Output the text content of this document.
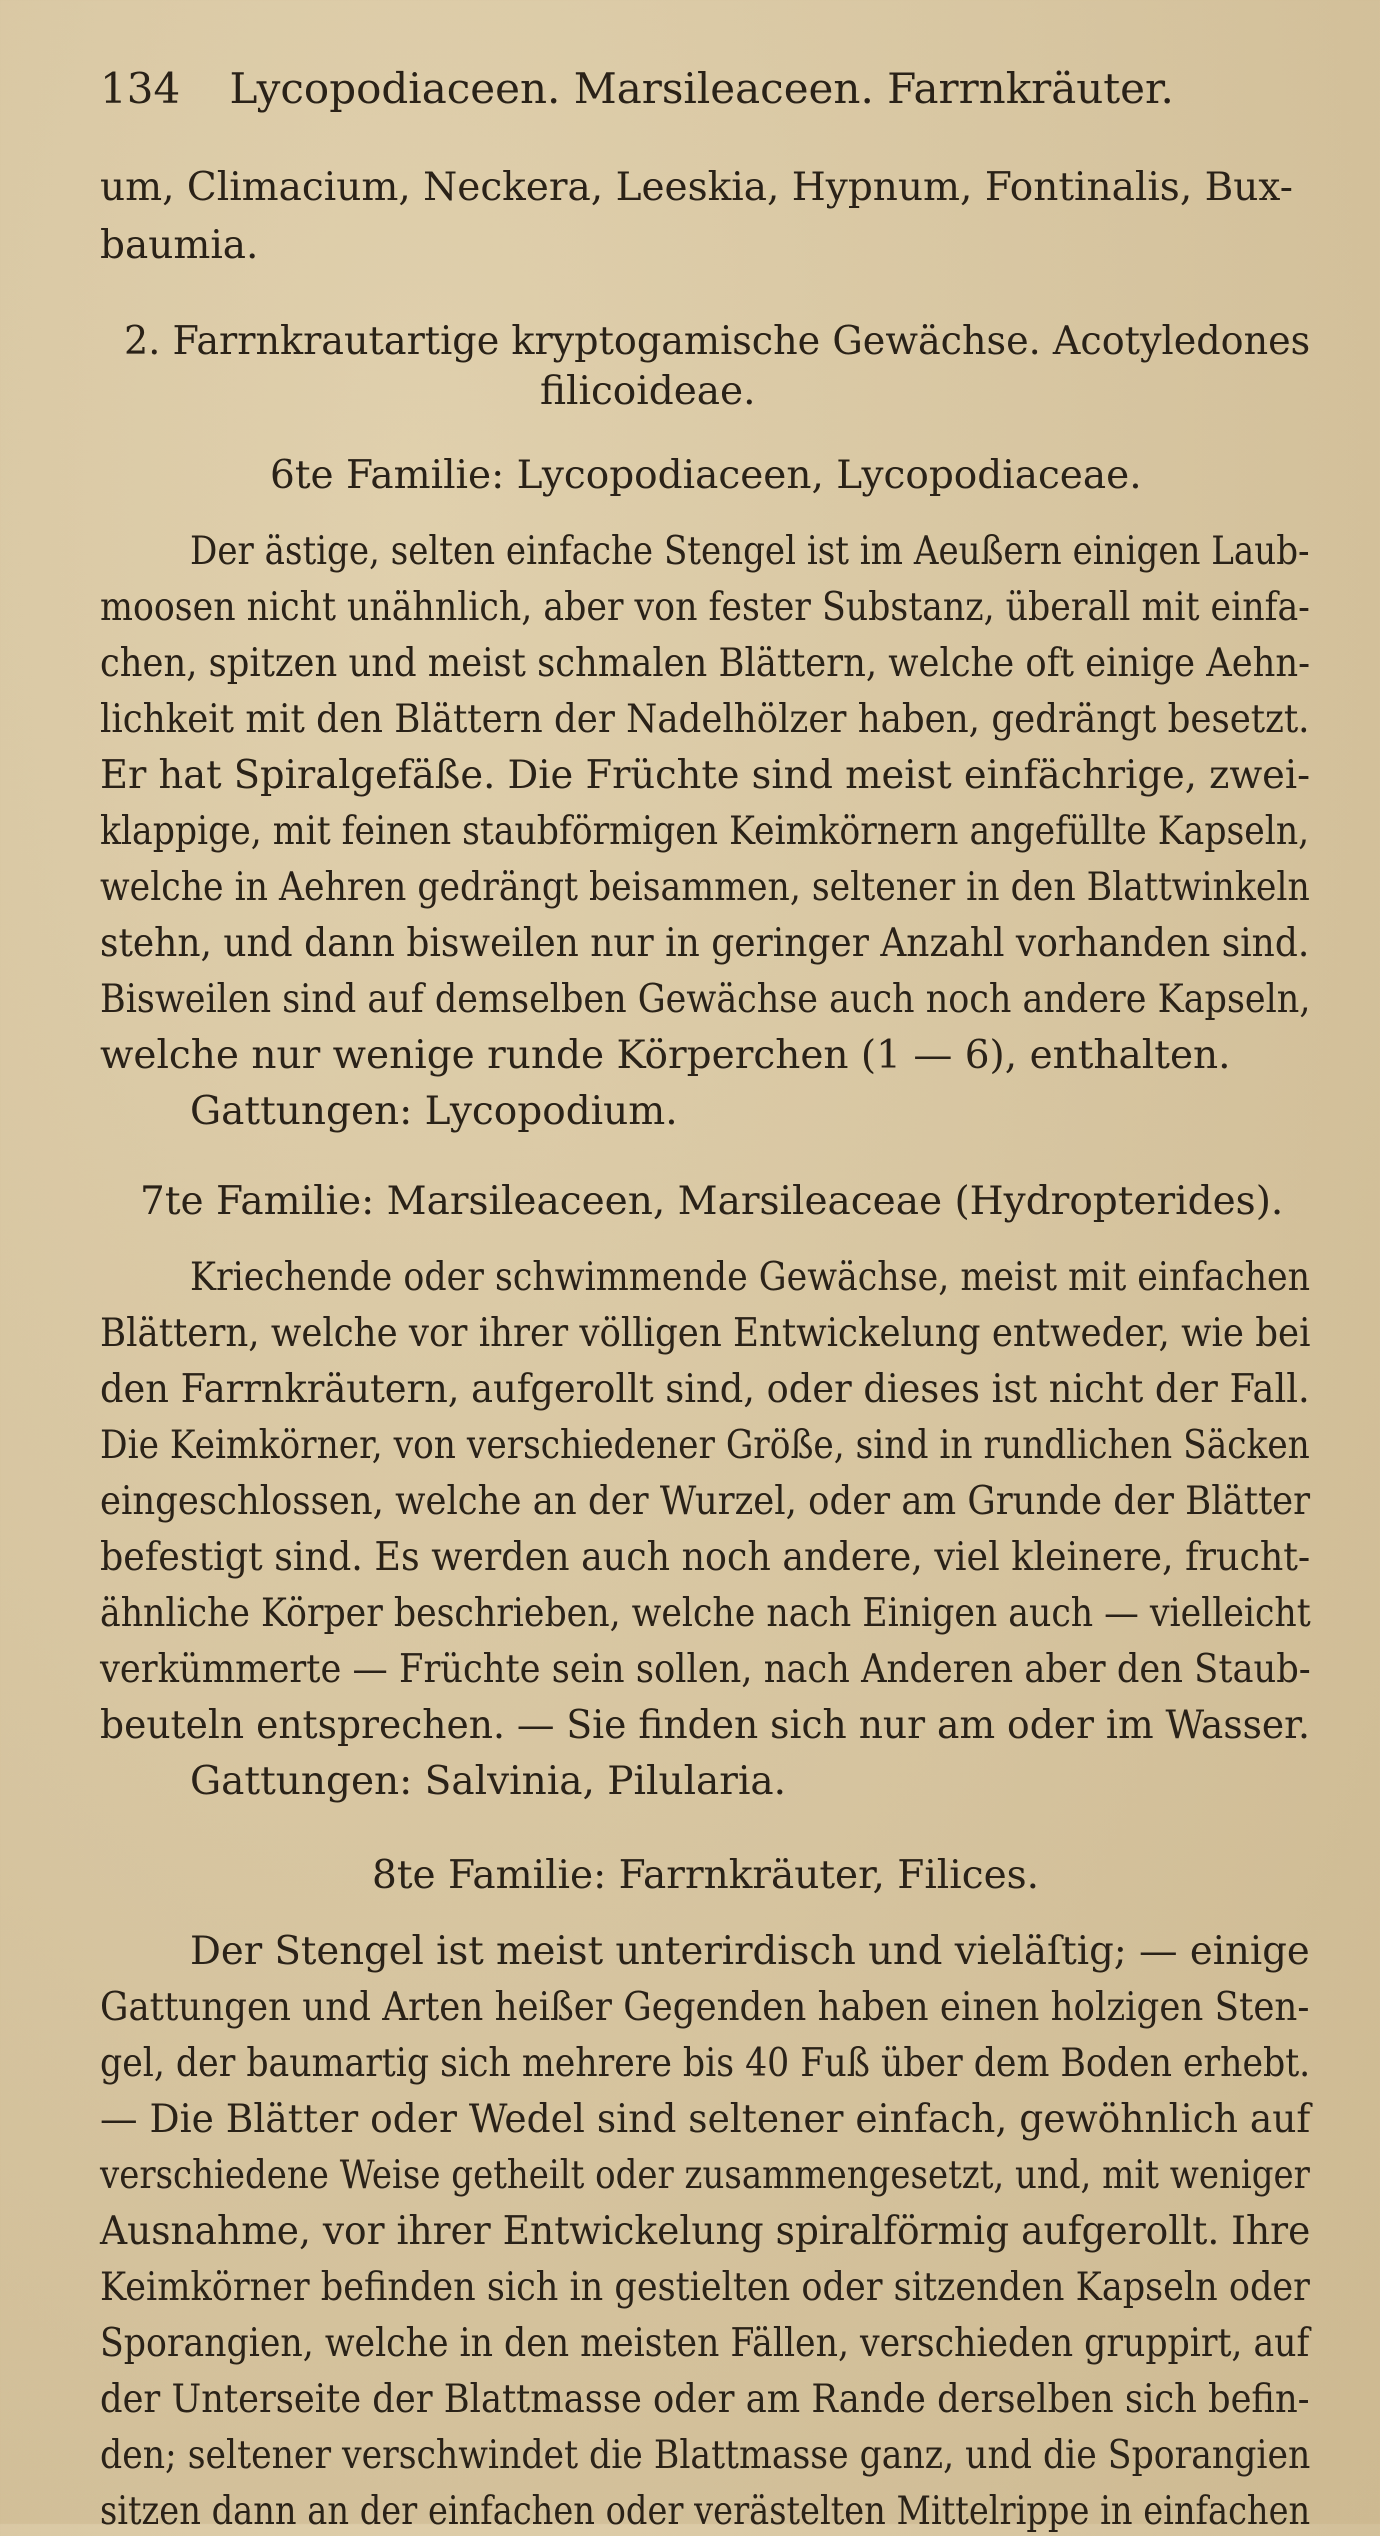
134 Lycopodiaceen. Marsileaceen. Farrnkräuter.
um, Climacium, Neckera, Leeskia, Hypnum, Fontinalis, Bux-
baumia.
2. Farrnkrautartige kryptogamische Gewächse. Acotyledones
filicoideae.
6te Familie: Lycopodiaceen, Lycopodiaceae.
Der ästige, selten einfache Stengel ist im Aeußern einigen Laub-
moosen nicht unähnlich, aber von fester Substanz, überall mit einfa-
chen, spitzen und meist schmalen Blättern, welche oft einige Aehn-
lichkeit mit den Blättern der Nadelhölzer haben, gedrängt besetzt.
Er hat Spiralgefäße. Die Früchte sind meist einfächrige, zwei-
klappige, mit feinen staubförmigen Keimkörnern angefüllte Kapseln,
welche in Aehren gedrängt beisammen, seltener in den Blattwinkeln
stehn, und dann bisweilen nur in geringer Anzahl vorhanden sind.
Bisweilen sind auf demselben Gewächse auch noch andere Kapseln,
welche nur wenige runde Körperchen (1 — 6), enthalten.
Gattungen: Lycopodium.
7te Familie: Marsileaceen, Marsileaceae (Hydropterides).
Kriechende oder schwimmende Gewächse, meist mit einfachen
Blättern, welche vor ihrer völligen Entwickelung entweder, wie bei
den Farrnkräutern, aufgerollt sind, oder dieses ist nicht der Fall.
Die Keimkörner, von verschiedener Größe, sind in rundlichen Säcken
eingeschlossen, welche an der Wurzel, oder am Grunde der Blätter
befestigt sind. Es werden auch noch andere, viel kleinere, frucht-
ähnliche Körper beschrieben, welche nach Einigen auch — vielleicht
verkümmerte — Früchte sein sollen, nach Anderen aber den Staub-
beuteln entsprechen. — Sie finden sich nur am oder im Wasser.
Gattungen: Salvinia, Pilularia.
8te Familie: Farrnkräuter, Filices.
Der Stengel ist meist unterirdisch und vieläſtig; — einige
Gattungen und Arten heißer Gegenden haben einen holzigen Sten-
gel, der baumartig sich mehrere bis 40 Fuß über dem Boden erhebt.
— Die Blätter oder Wedel sind seltener einfach, gewöhnlich auf
verschiedene Weise getheilt oder zusammengesetzt, und, mit weniger
Ausnahme, vor ihrer Entwickelung spiralförmig aufgerollt. Ihre
Keimkörner befinden sich in gestielten oder sitzenden Kapseln oder
Sporangien, welche in den meisten Fällen, verschieden gruppirt, auf
der Unterseite der Blattmasse oder am Rande derselben sich befin-
den; seltener verschwindet die Blattmasse ganz, und die Sporangien
sitzen dann an der einfachen oder verästelten Mittelrippe in einfachen
